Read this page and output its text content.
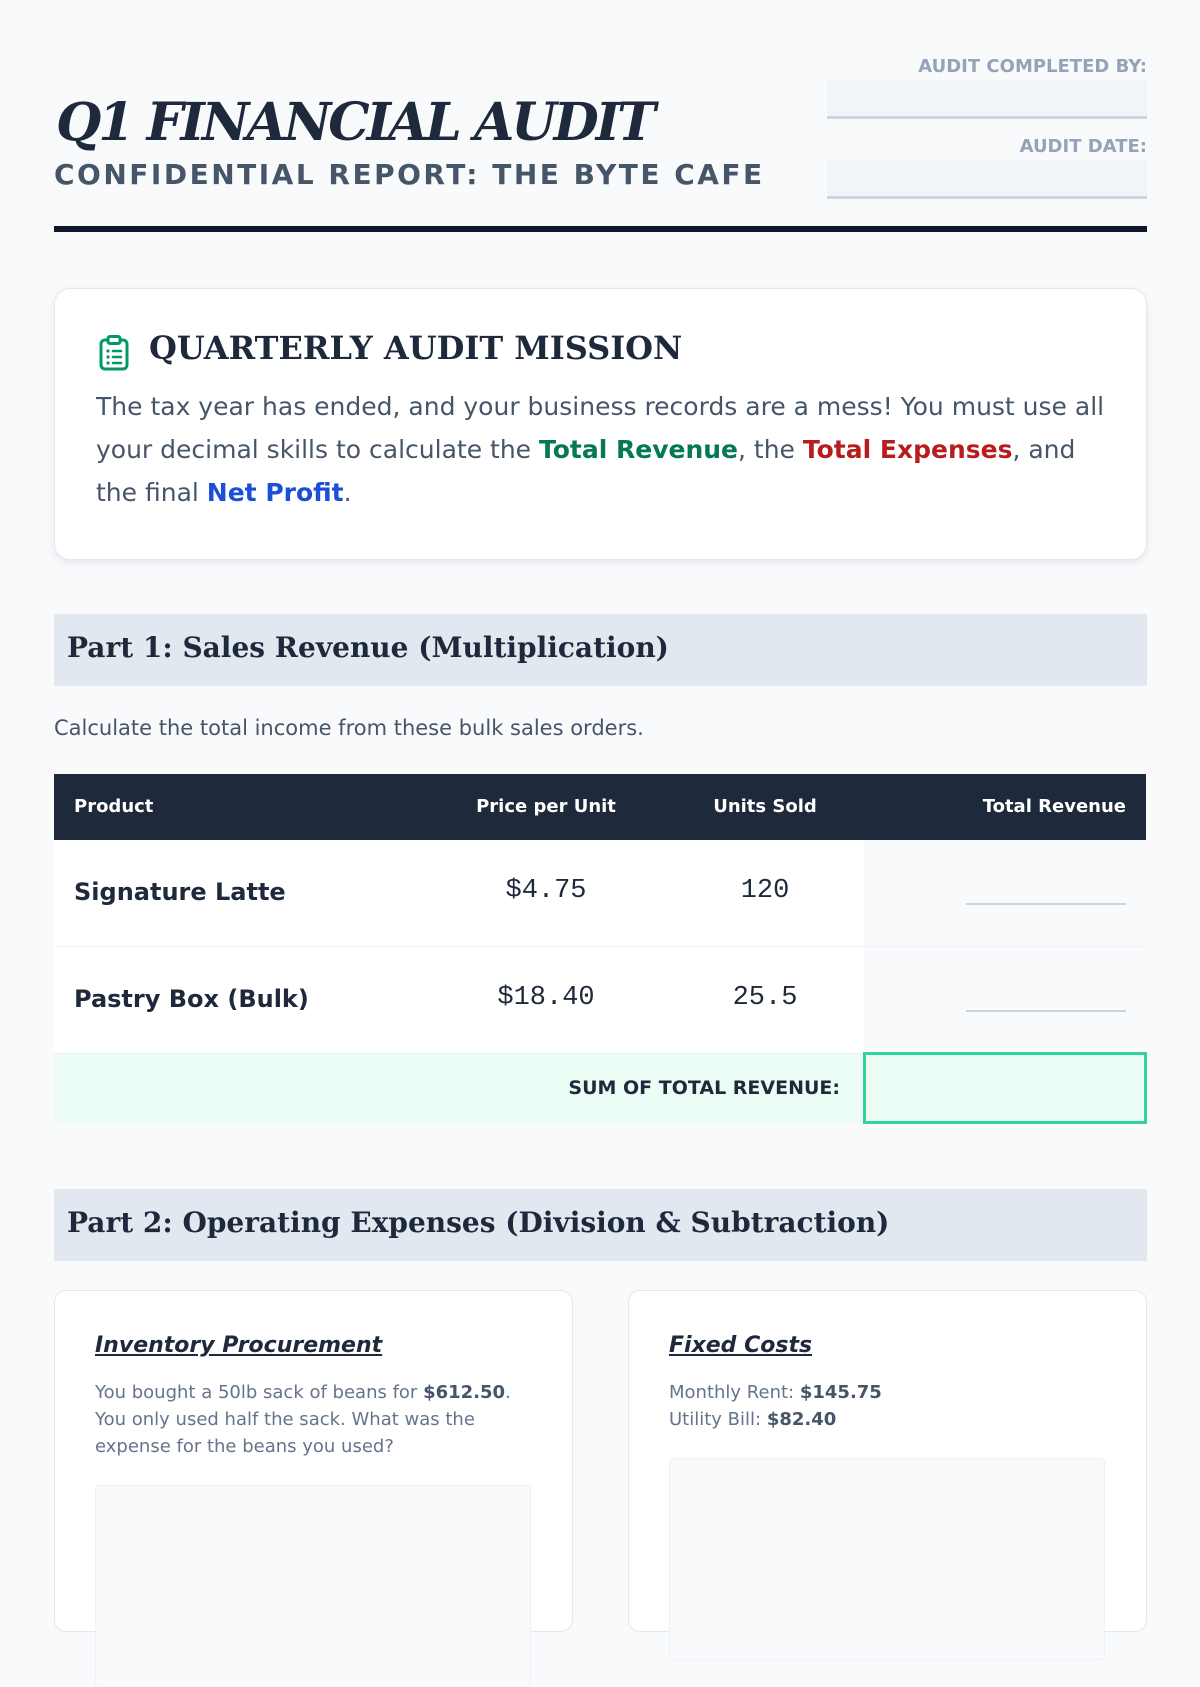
Q1 FINANCIAL AUDIT
CONFIDENTIAL REPORT: THE BYTE CAFE
AUDIT COMPLETED BY:
AUDIT DATE:
QUARTERLY AUDIT MISSION

The tax year has ended, and your business records are a mess! You must use all your decimal skills to calculate the Total Revenue, the Total Expenses, and the final Net Profit.

Part 1: Sales Revenue (Multiplication)
Calculate the total income from these bulk sales orders.
Product	Price per Unit	Units Sold	Total Revenue
Signature Latte	$4.75	120
Pastry Box (Bulk)	$18.40	25.5
SUM OF TOTAL REVENUE:
Part 2: Operating Expenses (Division & Subtraction)
Inventory Procurement
You bought a 50lb sack of beans for $612.50. You only used half the sack. What was the expense for the beans you used?
Fixed Costs
Monthly Rent: $145.75
Utility Bill: $82.40
